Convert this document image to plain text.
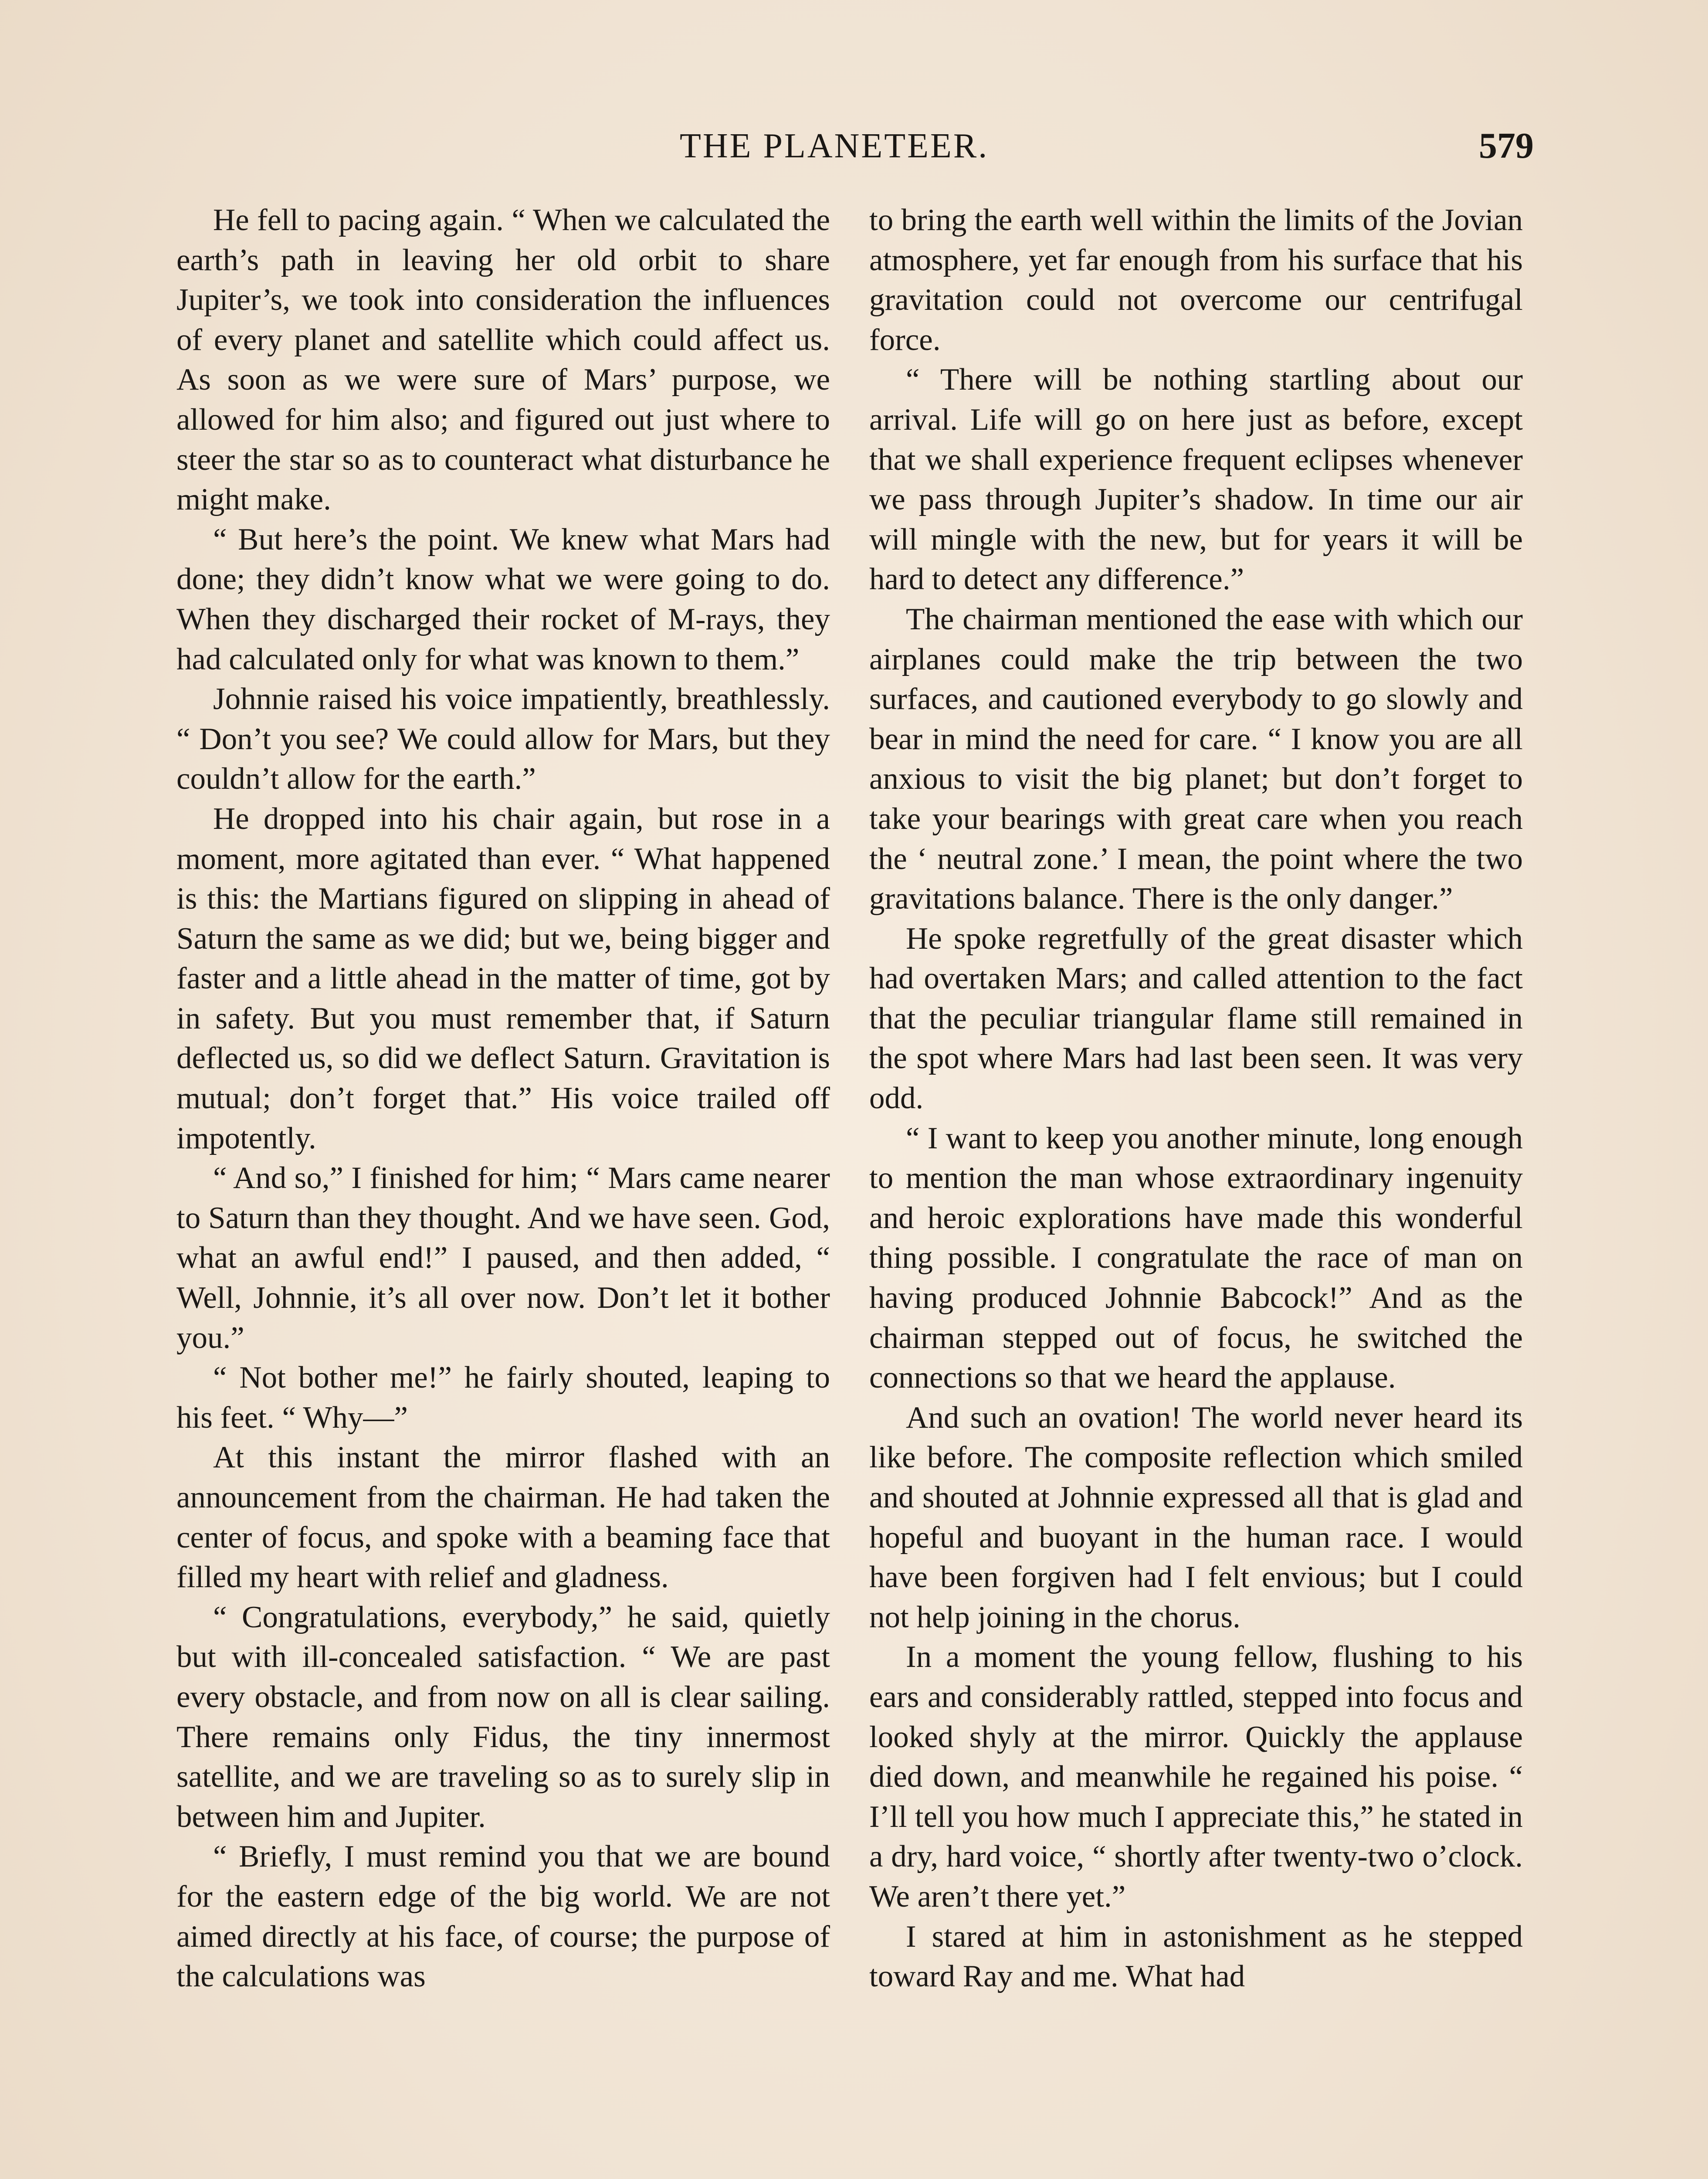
THE PLANETEER.	579

He fell to pacing again. “ When we calculated the earth’s path in leaving her old orbit to share Jupiter’s, we took into consideration the influences of every planet and satellite which could affect us. As soon as we were sure of Mars’ purpose, we allowed for him also; and figured out just where to steer the star so as to counteract what disturbance he might make.

“ But here’s the point. We knew what Mars had done; they didn’t know what we were going to do. When they discharged their rocket of M-rays, they had calculated only for what was known to them.”

Johnnie raised his voice impatiently, breathlessly. “ Don’t you see? We could allow for Mars, but they couldn’t allow for the earth.”

He dropped into his chair again, but rose in a moment, more agitated than ever. “ What happened is this: the Martians figured on slipping in ahead of Saturn the same as we did; but we, being bigger and faster and a little ahead in the matter of time, got by in safety. But you must remember that, if Saturn deflected us, so did we deflect Saturn. Gravitation is mutual; don’t forget that.” His voice trailed off impotently.

“ And so,” I finished for him; “ Mars came nearer to Saturn than they thought. And we have seen. God, what an awful end!” I paused, and then added, “ Well, Johnnie, it’s all over now. Don’t let it bother you.”

“ Not bother me!” he fairly shouted, leaping to his feet. “ Why—”

At this instant the mirror flashed with an announcement from the chairman. He had taken the center of focus, and spoke with a beaming face that filled my heart with relief and gladness.

“ Congratulations, everybody,” he said, quietly but with ill-concealed satisfaction. “ We are past every obstacle, and from now on all is clear sailing. There remains only Fidus, the tiny innermost satellite, and we are traveling so as to surely slip in between him and Jupiter.

“ Briefly, I must remind you that we are bound for the eastern edge of the big world. We are not aimed directly at his face, of course; the purpose of the calculations was

to bring the earth well within the limits of the Jovian atmosphere, yet far enough from his surface that his gravitation could not overcome our centrifugal force.

“ There will be nothing startling about our arrival. Life will go on here just as before, except that we shall experience frequent eclipses whenever we pass through Jupiter’s shadow. In time our air will mingle with the new, but for years it will be hard to detect any difference.”

The chairman mentioned the ease with which our airplanes could make the trip between the two surfaces, and cautioned everybody to go slowly and bear in mind the need for care. “ I know you are all anxious to visit the big planet; but don’t forget to take your bearings with great care when you reach the ‘ neutral zone.’ I mean, the point where the two gravitations balance. There is the only danger.”

He spoke regretfully of the great disaster which had overtaken Mars; and called attention to the fact that the peculiar triangular flame still remained in the spot where Mars had last been seen. It was very odd.

“ I want to keep you another minute, long enough to mention the man whose extraordinary ingenuity and heroic explorations have made this wonderful thing possible. I congratulate the race of man on having produced Johnnie Babcock!” And as the chairman stepped out of focus, he switched the connections so that we heard the applause.

And such an ovation! The world never heard its like before. The composite reflection which smiled and shouted at Johnnie expressed all that is glad and hopeful and buoyant in the human race. I would have been forgiven had I felt envious; but I could not help joining in the chorus.

In a moment the young fellow, flushing to his ears and considerably rattled, stepped into focus and looked shyly at the mirror. Quickly the applause died down, and meanwhile he regained his poise. “ I’ll tell you how much I appreciate this,” he stated in a dry, hard voice, “ shortly after twenty-two o’clock. We aren’t there yet.”

I stared at him in astonishment as he stepped toward Ray and me. What had
